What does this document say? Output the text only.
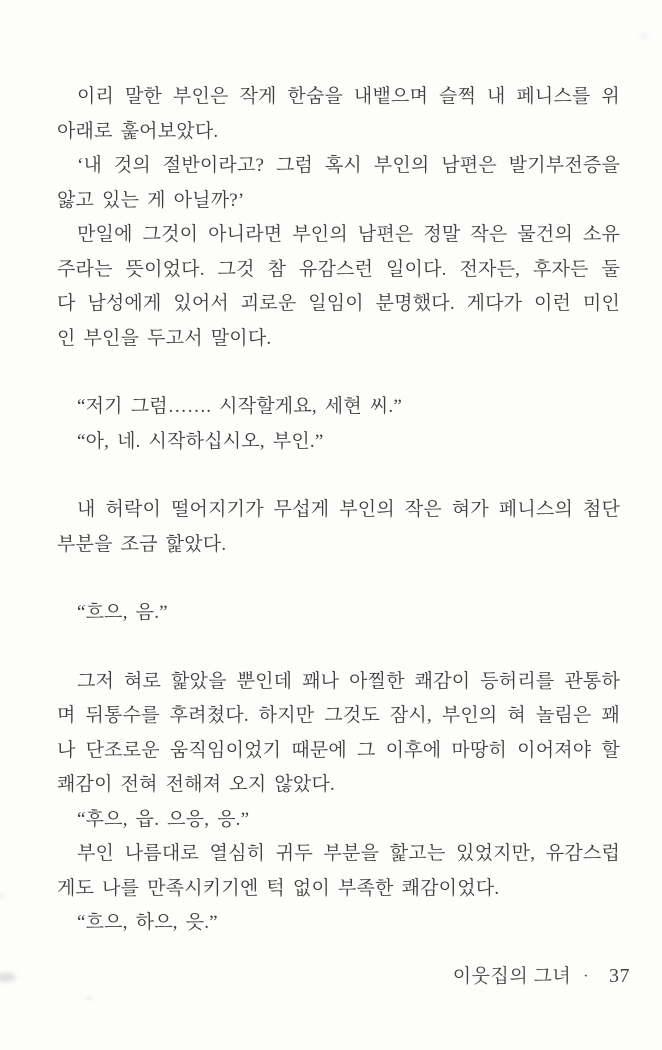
이리 말한 부인은 작게 한숨을 내뱉으며 슬쩍 내 페니스를 위
아래로 훑어보았다.
‘내 것의 절반이라고? 그럼 혹시 부인의 남편은 발기부전증을
앓고 있는 게 아닐까?’
만일에 그것이 아니라면 부인의 남편은 정말 작은 물건의 소유
주라는 뜻이었다. 그것 참 유감스런 일이다. 전자든, 후자든 둘
다 남성에게 있어서 괴로운 일임이 분명했다. 게다가 이런 미인
인 부인을 두고서 말이다.
“저기 그럼……. 시작할게요, 세현 씨.”
“아, 네. 시작하십시오, 부인.”
내 허락이 떨어지기가 무섭게 부인의 작은 혀가 페니스의 첨단
부분을 조금 핥았다.
“흐으, 음.”
그저 혀로 핥았을 뿐인데 꽤나 아찔한 쾌감이 등허리를 관통하
며 뒤통수를 후려쳤다. 하지만 그것도 잠시, 부인의 혀 놀림은 꽤
나 단조로운 움직임이었기 때문에 그 이후에 마땅히 이어져야 할
쾌감이 전혀 전해져 오지 않았다.
“후으, 읍. 으응, 응.”
부인 나름대로 열심히 귀두 부분을 핥고는 있었지만, 유감스럽
게도 나를 만족시키기엔 턱 없이 부족한 쾌감이었다.
“흐으, 하으, 읏.”
이웃집의 그녀 · 37
